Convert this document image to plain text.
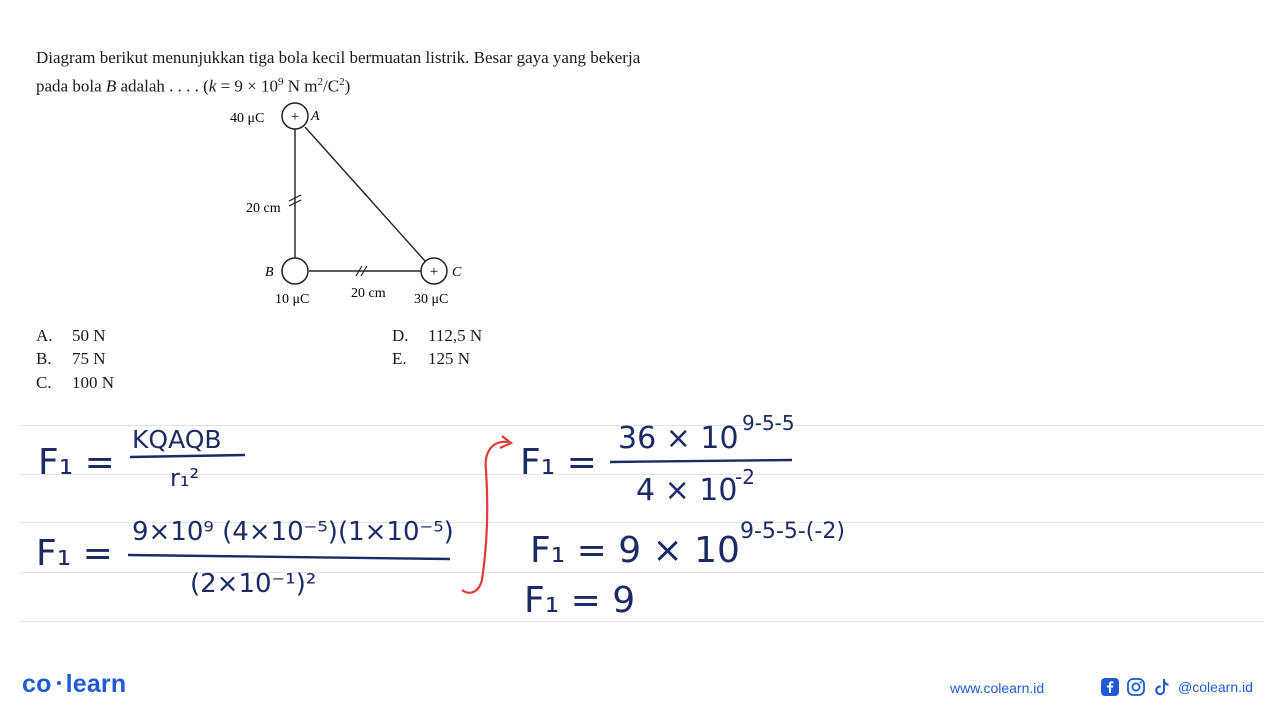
Diagram berikut menunjukkan tiga bola kecil bermuatan listrik. Besar gaya yang bekerja
pada bola B adalah . . . . ($k = 9 \times 10^9$ N $m^2/C^2$)
+
+
40 μC	A
20 cm
B
10 μC	20 cm
C
30 μC
A. 50 N
B. 75 N
C. 100 N
D. 112,5 N
E. 125 N
F₁ =
KQAQB
r₁²
F₁ =
9×10⁹ (4×10⁻⁵)(1×10⁻⁵)
(2×10⁻¹)²
F₁ =
36 × 10 9-5-5
4 × 10
-2
F₁ = 9 × 10 9-5-5-(-2)
F₁ = 9
co learn	www.colearn.id	@colearn.id
